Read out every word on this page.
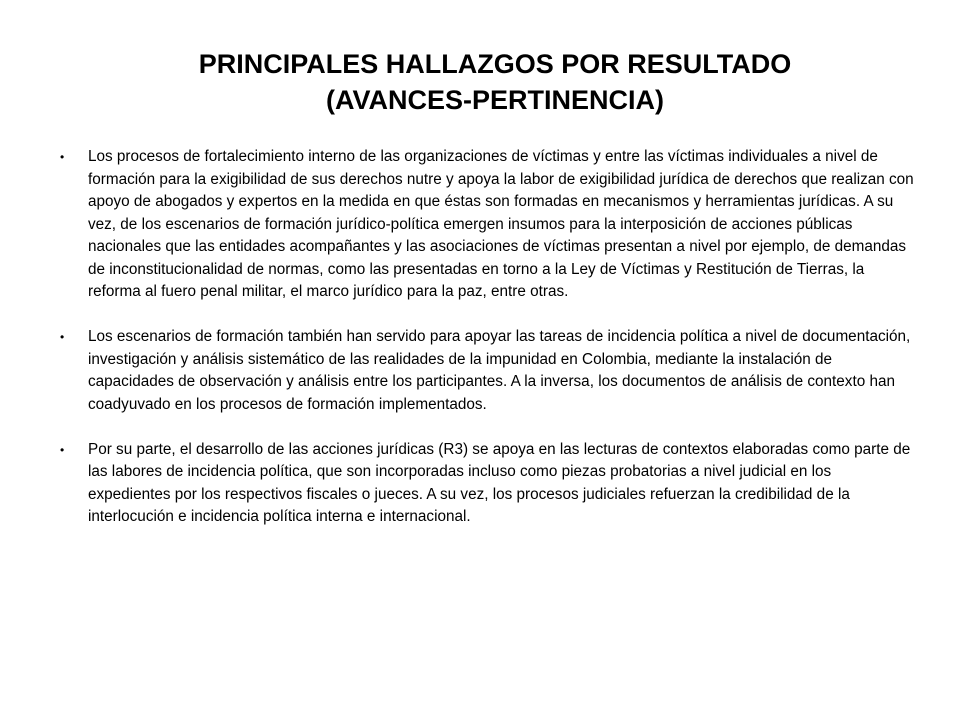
PRINCIPALES HALLAZGOS POR RESULTADO (AVANCES-PERTINENCIA)
• Los procesos de fortalecimiento interno de las organizaciones de víctimas y entre las víctimas individuales a nivel de formación para la exigibilidad de sus derechos nutre y apoya la labor de exigibilidad jurídica de derechos que realizan con apoyo de abogados y expertos en la medida en que éstas son formadas en mecanismos y herramientas jurídicas. A su vez, de los escenarios de formación jurídico-política emergen insumos para la interposición de acciones públicas nacionales que las entidades acompañantes y las asociaciones de víctimas presentan a nivel por ejemplo, de demandas de inconstitucionalidad de normas, como las presentadas en torno a la Ley de Víctimas y Restitución de Tierras, la reforma al fuero penal militar, el marco jurídico para la paz, entre otras.
• Los escenarios de formación también han servido para apoyar las tareas de incidencia política a nivel de documentación, investigación y análisis sistemático de las realidades de la impunidad en Colombia, mediante la instalación de capacidades de observación y análisis entre los participantes. A la inversa, los documentos de análisis de contexto han coadyuvado en los procesos de formación implementados.
• Por su parte, el desarrollo de las acciones jurídicas (R3) se apoya en las lecturas de contextos elaboradas como parte de las labores de incidencia política, que son incorporadas incluso como piezas probatorias a nivel judicial en los expedientes por los respectivos fiscales o jueces. A su vez, los procesos judiciales refuerzan la credibilidad de la interlocución e incidencia política interna e internacional.
